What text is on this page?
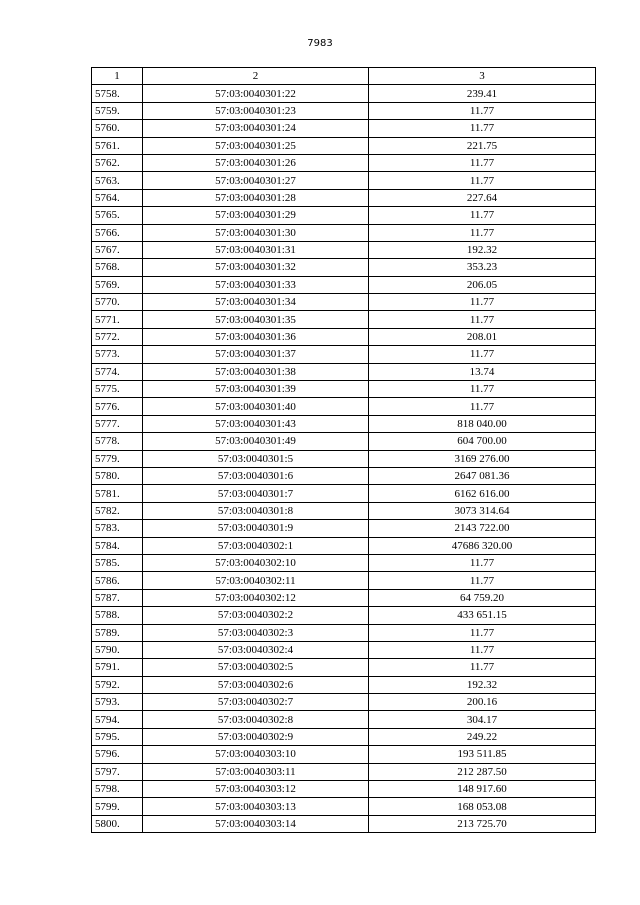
7983
1	2	3
5758.	57:03:0040301:22	239.41
5759.	57:03:0040301:23	11.77
5760.	57:03:0040301:24	11.77
5761.	57:03:0040301:25	221.75
5762.	57:03:0040301:26	11.77
5763.	57:03:0040301:27	11.77
5764.	57:03:0040301:28	227.64
5765.	57:03:0040301:29	11.77
5766.	57:03:0040301:30	11.77
5767.	57:03:0040301:31	192.32
5768.	57:03:0040301:32	353.23
5769.	57:03:0040301:33	206.05
5770.	57:03:0040301:34	11.77
5771.	57:03:0040301:35	11.77
5772.	57:03:0040301:36	208.01
5773.	57:03:0040301:37	11.77
5774.	57:03:0040301:38	13.74
5775.	57:03:0040301:39	11.77
5776.	57:03:0040301:40	11.77
5777.	57:03:0040301:43	818 040.00
5778.	57:03:0040301:49	604 700.00
5779.	57:03:0040301:5	3169 276.00
5780.	57:03:0040301:6	2647 081.36
5781.	57:03:0040301:7	6162 616.00
5782.	57:03:0040301:8	3073 314.64
5783.	57:03:0040301:9	2143 722.00
5784.	57:03:0040302:1	47686 320.00
5785.	57:03:0040302:10	11.77
5786.	57:03:0040302:11	11.77
5787.	57:03:0040302:12	64 759.20
5788.	57:03:0040302:2	433 651.15
5789.	57:03:0040302:3	11.77
5790.	57:03:0040302:4	11.77
5791.	57:03:0040302:5	11.77
5792.	57:03:0040302:6	192.32
5793.	57:03:0040302:7	200.16
5794.	57:03:0040302:8	304.17
5795.	57:03:0040302:9	249.22
5796.	57:03:0040303:10	193 511.85
5797.	57:03:0040303:11	212 287.50
5798.	57:03:0040303:12	148 917.60
5799.	57:03:0040303:13	168 053.08
5800.	57:03:0040303:14	213 725.70
